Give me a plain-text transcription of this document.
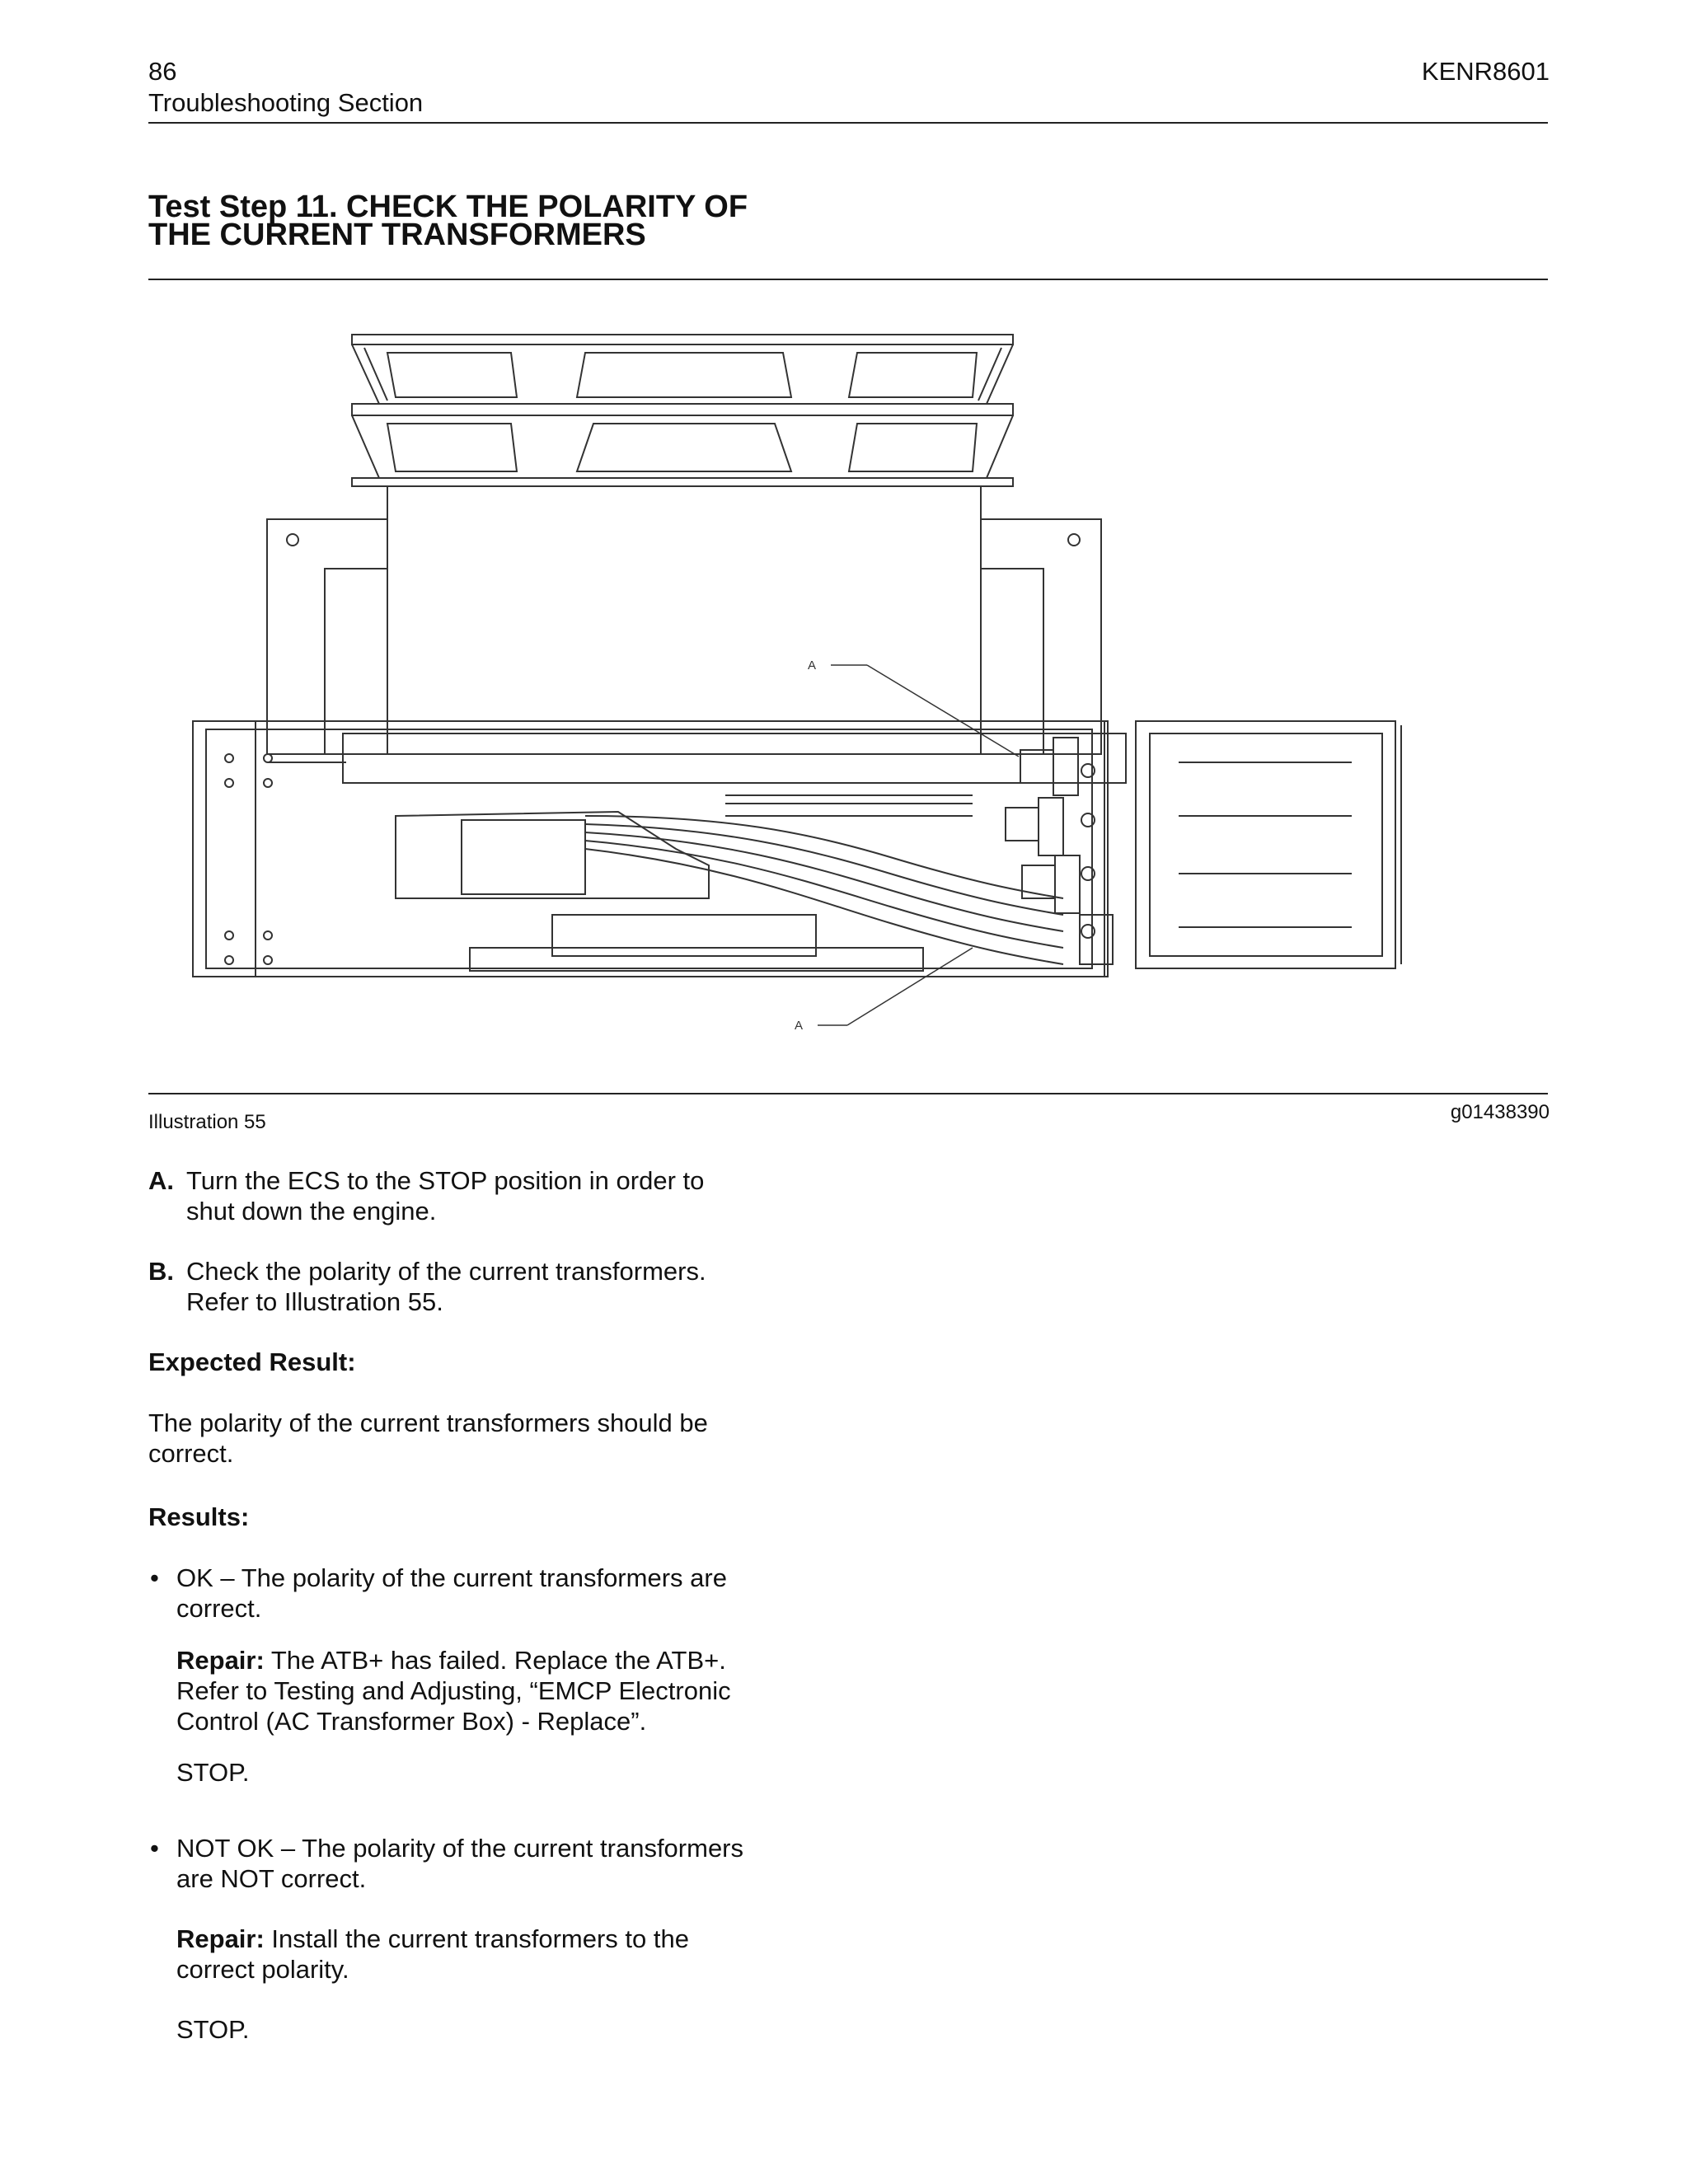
86
Troubleshooting Section
KENR8601
Test Step 11. CHECK THE POLARITY OF
THE CURRENT TRANSFORMERS
A
A
Illustration 55	g01438390
A. Turn the ECS to the STOP position in order to
shut down the engine.
B. Check the polarity of the current transformers.
Refer to Illustration 55.
Expected Result:
The polarity of the current transformers should be
correct.
Results:
• OK – The polarity of the current transformers are
correct.
Repair: The ATB+ has failed. Replace the ATB+.
Refer to Testing and Adjusting, “EMCP Electronic
Control (AC Transformer Box) - Replace”.
STOP.
• NOT OK – The polarity of the current transformers
are NOT correct.
Repair: Install the current transformers to the
correct polarity.
STOP.
